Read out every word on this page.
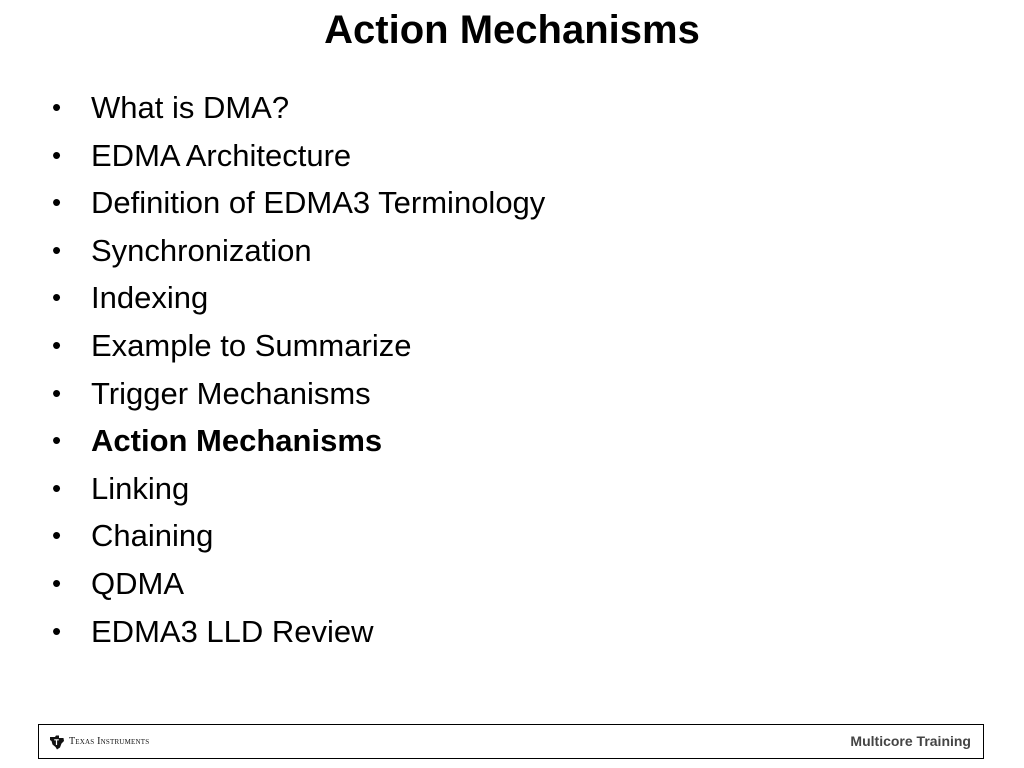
Action Mechanisms
• What is DMA?
• EDMA Architecture
• Definition of EDMA3 Terminology
• Synchronization
• Indexing
• Example to Summarize
• Trigger Mechanisms
• Action Mechanisms
• Linking
• Chaining
• QDMA
• EDMA3 LLD Review
Texas Instruments	Multicore Training
